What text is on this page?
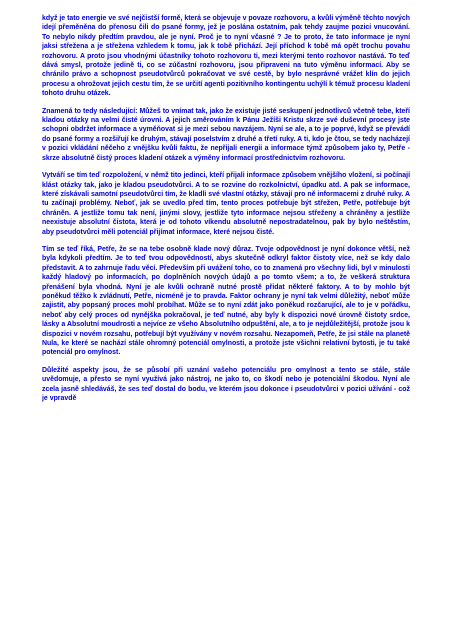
když je tato energie ve své nejčistší formě, která se objevuje v povaze rozhovoru, a kvůli výměně těchto nových idejí přeměněna do přenosu čili do psané formy, jež je poslána ostatním, pak tehdy zaujme pozici vnucování. To nebylo nikdy předtím pravdou, ale je nyní. Proč je to nyní včasné ? Je to proto, že tato informace je nyní jaksi střežena a je střežena vzhledem k tomu, jak k tobě přichází. Její příchod k tobě má opět trochu povahu rozhovoru. A proto jsou vhodnými účastníky tohoto rozhovoru ti, mezi kterými tento rozhovor nastává. To teď dává smysl, protože jedině ti, co se zúčastní rozhovoru, jsou připraveni na tuto výměnu informací. Aby se chránilo právo a schopnost pseudotvůrců pokračovat ve své cestě, by bylo nesprávné vrážet klín do jejich procesu a ohrožovat jejich cestu tím, že se určití agenti pozitivního kontingentu uchýlí k témuž procesu kladení tohoto druhu otázek.

Znamená to tedy následující: Můžeš to vnímat tak, jako že existuje jisté seskupení jednotlivců včetně tebe, kteří kladou otázky na velmi čisté úrovni. A jejich směrováním k Pánu Ježíši Kristu skrze své duševní procesy jste schopni obdržet informace a vyměňovat si je mezi sebou navzájem. Nyní se ale, a to je poprvé, když se převádí do psané formy a rozšiřují ke druhým, stávají poselstvím z druhé a třetí ruky. A ti, kdo je čtou, se tedy nacházejí v pozici vkládání něčeho z vnějšku kvůli faktu, že nepřijali energii a informace týmž způsobem jako ty, Petře - skrze absolutně čistý proces kladení otázek a výměny informací prostřednictvím rozhovoru.

Vytváří se tím teď rozpoložení, v němž tito jedinci, kteří přijali informace způsobem vnějšího vložení, si počínají klást otázky tak, jako je kladou pseudotvůrci. A to se rozvine do rozkolnictví, úpadku atd. A pak se informace, které získávali samotní pseudotvůrci tím, že kladli své vlastní otázky, stávají pro ně informacemi z druhé ruky. A tu začínají problémy. Neboť, jak se uvedlo před tím, tento proces potřebuje být střežen, Petře, potřebuje být chráněn. A jestliže tomu tak není, jinými slovy, jestliže tyto informace nejsou střeženy a chráněny a jestliže neexistuje absolutní čistota, která je od tohoto víkendu absolutně nepostradatelnou, pak by bylo neštěstím, aby pseudotvůrci měli potenciál přijímat informace, které nejsou čisté.

Tím se teď říká, Petře, že se na tebe osobně klade nový důraz. Tvoje odpovědnost je nyní dokonce větší, než byla kdykoli předtím. Je to teď tvou odpovědností, abys skutečně odkryl faktor čistoty více, než se kdy dalo představit. A to zahrnuje řadu věcí. Především při uvážení toho, co to znamená pro všechny lidi, byl v minulosti každý hladový po informacích, po doplněních nových údajů a po tomto všem; a to, že veškerá struktura přenášení byla vhodná. Nyní je ale kvůli ochraně nutné prostě přidat některé faktory. A to by mohlo být poněkud těžko k zvládnutí, Petře, nicméně je to pravda. Faktor ochrany je nyní tak velmi důležitý, neboť může zajistit, aby popsaný proces mohl probíhat. Může se to nyní zdát jako poněkud rozčarující, ale to je v pořádku, neboť aby celý proces od nynějška pokračoval, je teď nutné, aby byly k dispozici nové úrovně čistoty srdce, lásky a Absolutní moudrosti a nejvíce ze všeho Absolutního odpuštění, ale, a to je nejdůležitější, protože jsou k dispozici v novém rozsahu, potřebují být využívány v novém rozsahu. Nezapomeň, Petře, že jsi stále na planetě Nula, ke které se nachází stále ohromný potenciál omylnosti, a protože jste všichni relativní bytosti, je tu také potenciál pro omylnost.

Důležité aspekty jsou, že se působí při uznání vašeho potenciálu pro omylnost a tento se stále, stále uvědomuje, a přesto se nyní využívá jako nástroj, ne jako to, co škodí nebo je potenciální škodou. Nyní ale zcela jasně shledáváš, že ses teď dostal do bodu, ve kterém jsou dokonce i pseudotvůrci v pozici užívání - což je vpravdě
